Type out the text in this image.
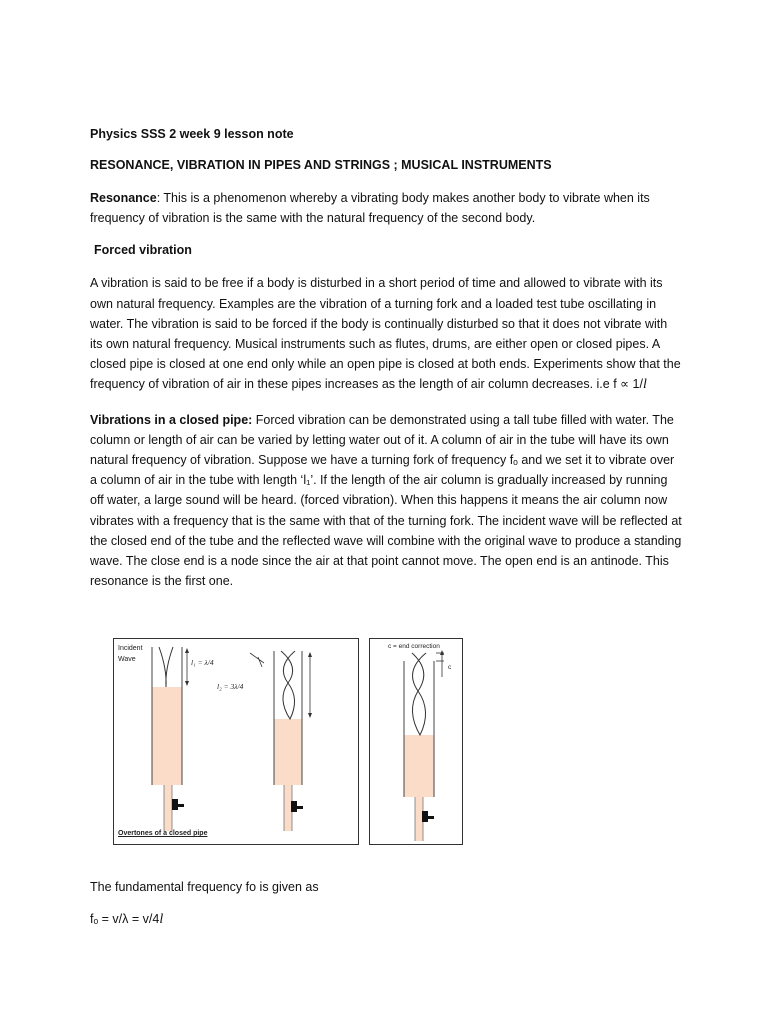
Physics SSS 2 week 9 lesson note
RESONANCE, VIBRATION IN PIPES AND STRINGS ; MUSICAL INSTRUMENTS

Resonance: This is a phenomenon whereby a vibrating body makes another body to vibrate when its frequency of vibration is the same with the natural frequency of the second body.

Forced vibration

A vibration is said to be free if a body is disturbed in a short period of time and allowed to vibrate with its own natural frequency. Examples are the vibration of a turning fork and a loaded test tube oscillating in water. The vibration is said to be forced if the body is continually disturbed so that it does not vibrate with its own natural frequency. Musical instruments such as flutes, drums, are either open or closed pipes. A closed pipe is closed at one end only while an open pipe is closed at both ends. Experiments show that the frequency of vibration of air in these pipes increases as the length of air column decreases. i.e f ∝ 1/l

Vibrations in a closed pipe: Forced vibration can be demonstrated using a tall tube filled with water. The column or length of air can be varied by letting water out of it. A column of air in the tube will have its own natural frequency of vibration. Suppose we have a turning fork of frequency fₒ and we set it to vibrate over a column of air in the tube with length ‘l₁’. If the length of the air column is gradually increased by running off water, a large sound will be heard. (forced vibration). When this happens it means the air column now vibrates with a frequency that is the same with that of the turning fork. The incident wave will be reflected at the closed end of the tube and the reflected wave will combine with the original wave to produce a standing wave. The close end is a node since the air at that point cannot move. The open end is an antinode. This resonance is the first one.

Incident
Wave	l₁ = λ/4
l₂ = 3λ/4
Overtones of a closed pipe
c = end correction
c
The fundamental frequency fo is given as
fₒ = v/λ = v/4l
